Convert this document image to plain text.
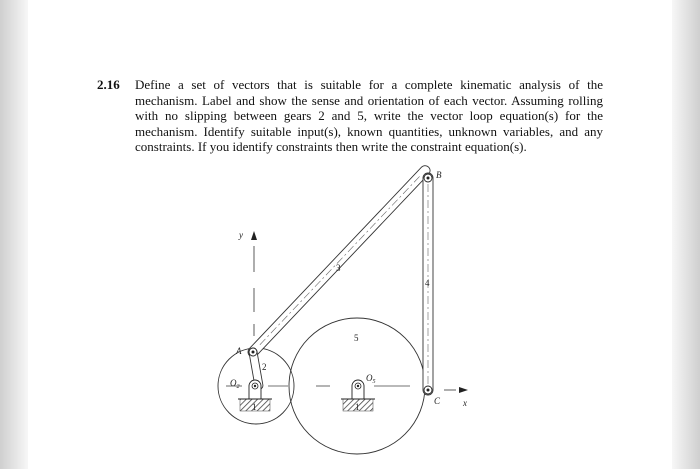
2.16 Define a set of vectors that is suitable for a complete kinematic analysis of the mechanism. Label and show the sense and orientation of each vector. Assuming rolling with no slipping between gears 2 and 5, write the vector loop equation(s) for the mechanism. Identify suitable input(s), known quantities, unknown variables, and any constraints. If you identify constraints then write the constraint equation(s).
y
x
1	1
A
B
C
$O_2$
$O_5$
2
3
4
5
